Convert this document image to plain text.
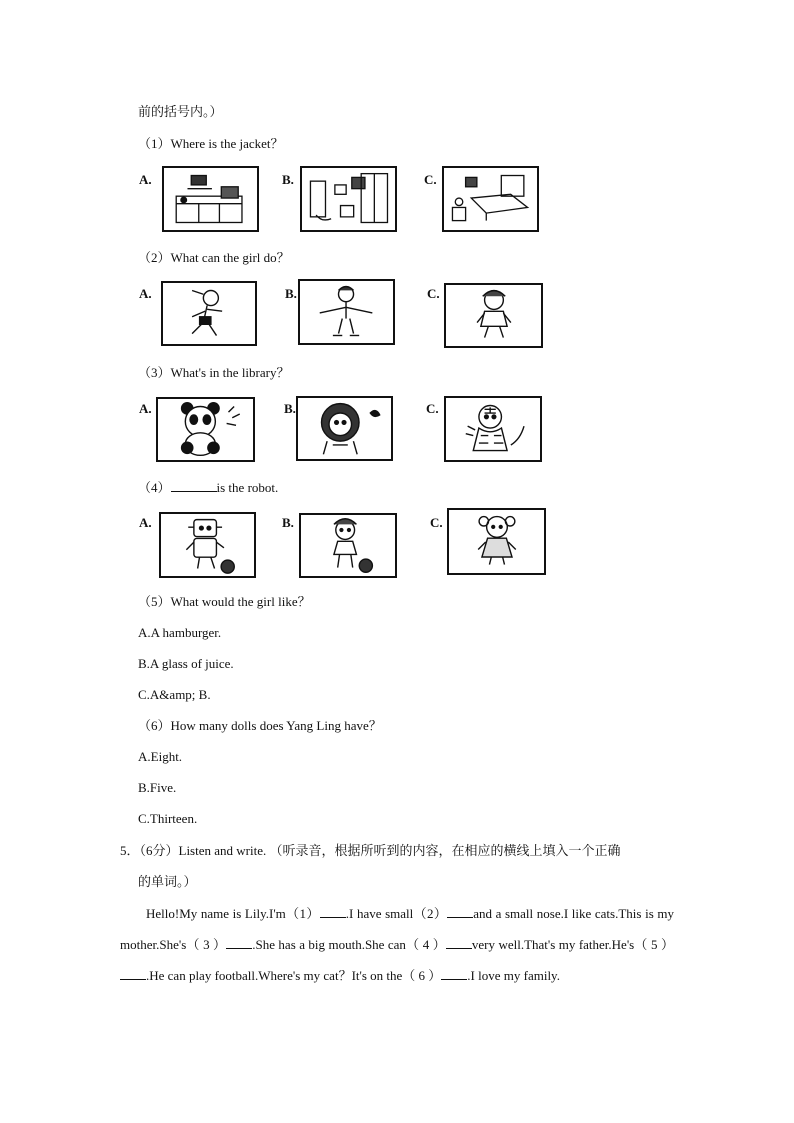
前的括号内。）
（1）Where is the jacket？
A.	B.	C.
（2）What can the girl do？
A.	B.	C.
（3）What's in the library？
A.	B.	C.
（4）	is the robot.
A.	B.	C.
（5）What would the girl like？
A.A hamburger.
B.A glass of juice.
C.A&amp; B.
（6）How many dolls does Yang Ling have？
A.Eight.
B.Five.
C.Thirteen.
5．（6分）Listen and write. （听录音，根据所听到的内容，在相应的横线上填入一个正确
的单词。）
Hello!My name is Lily.I'm（1） .I have small（2） and a small nose.I like cats.This is my mother.She's（ 3 ） .She has a big mouth.She can（ 4 ） very well.That's my father.He's（ 5 ）.He can play football.Where's my cat？It's on the（ 6 ） .I love my family.
